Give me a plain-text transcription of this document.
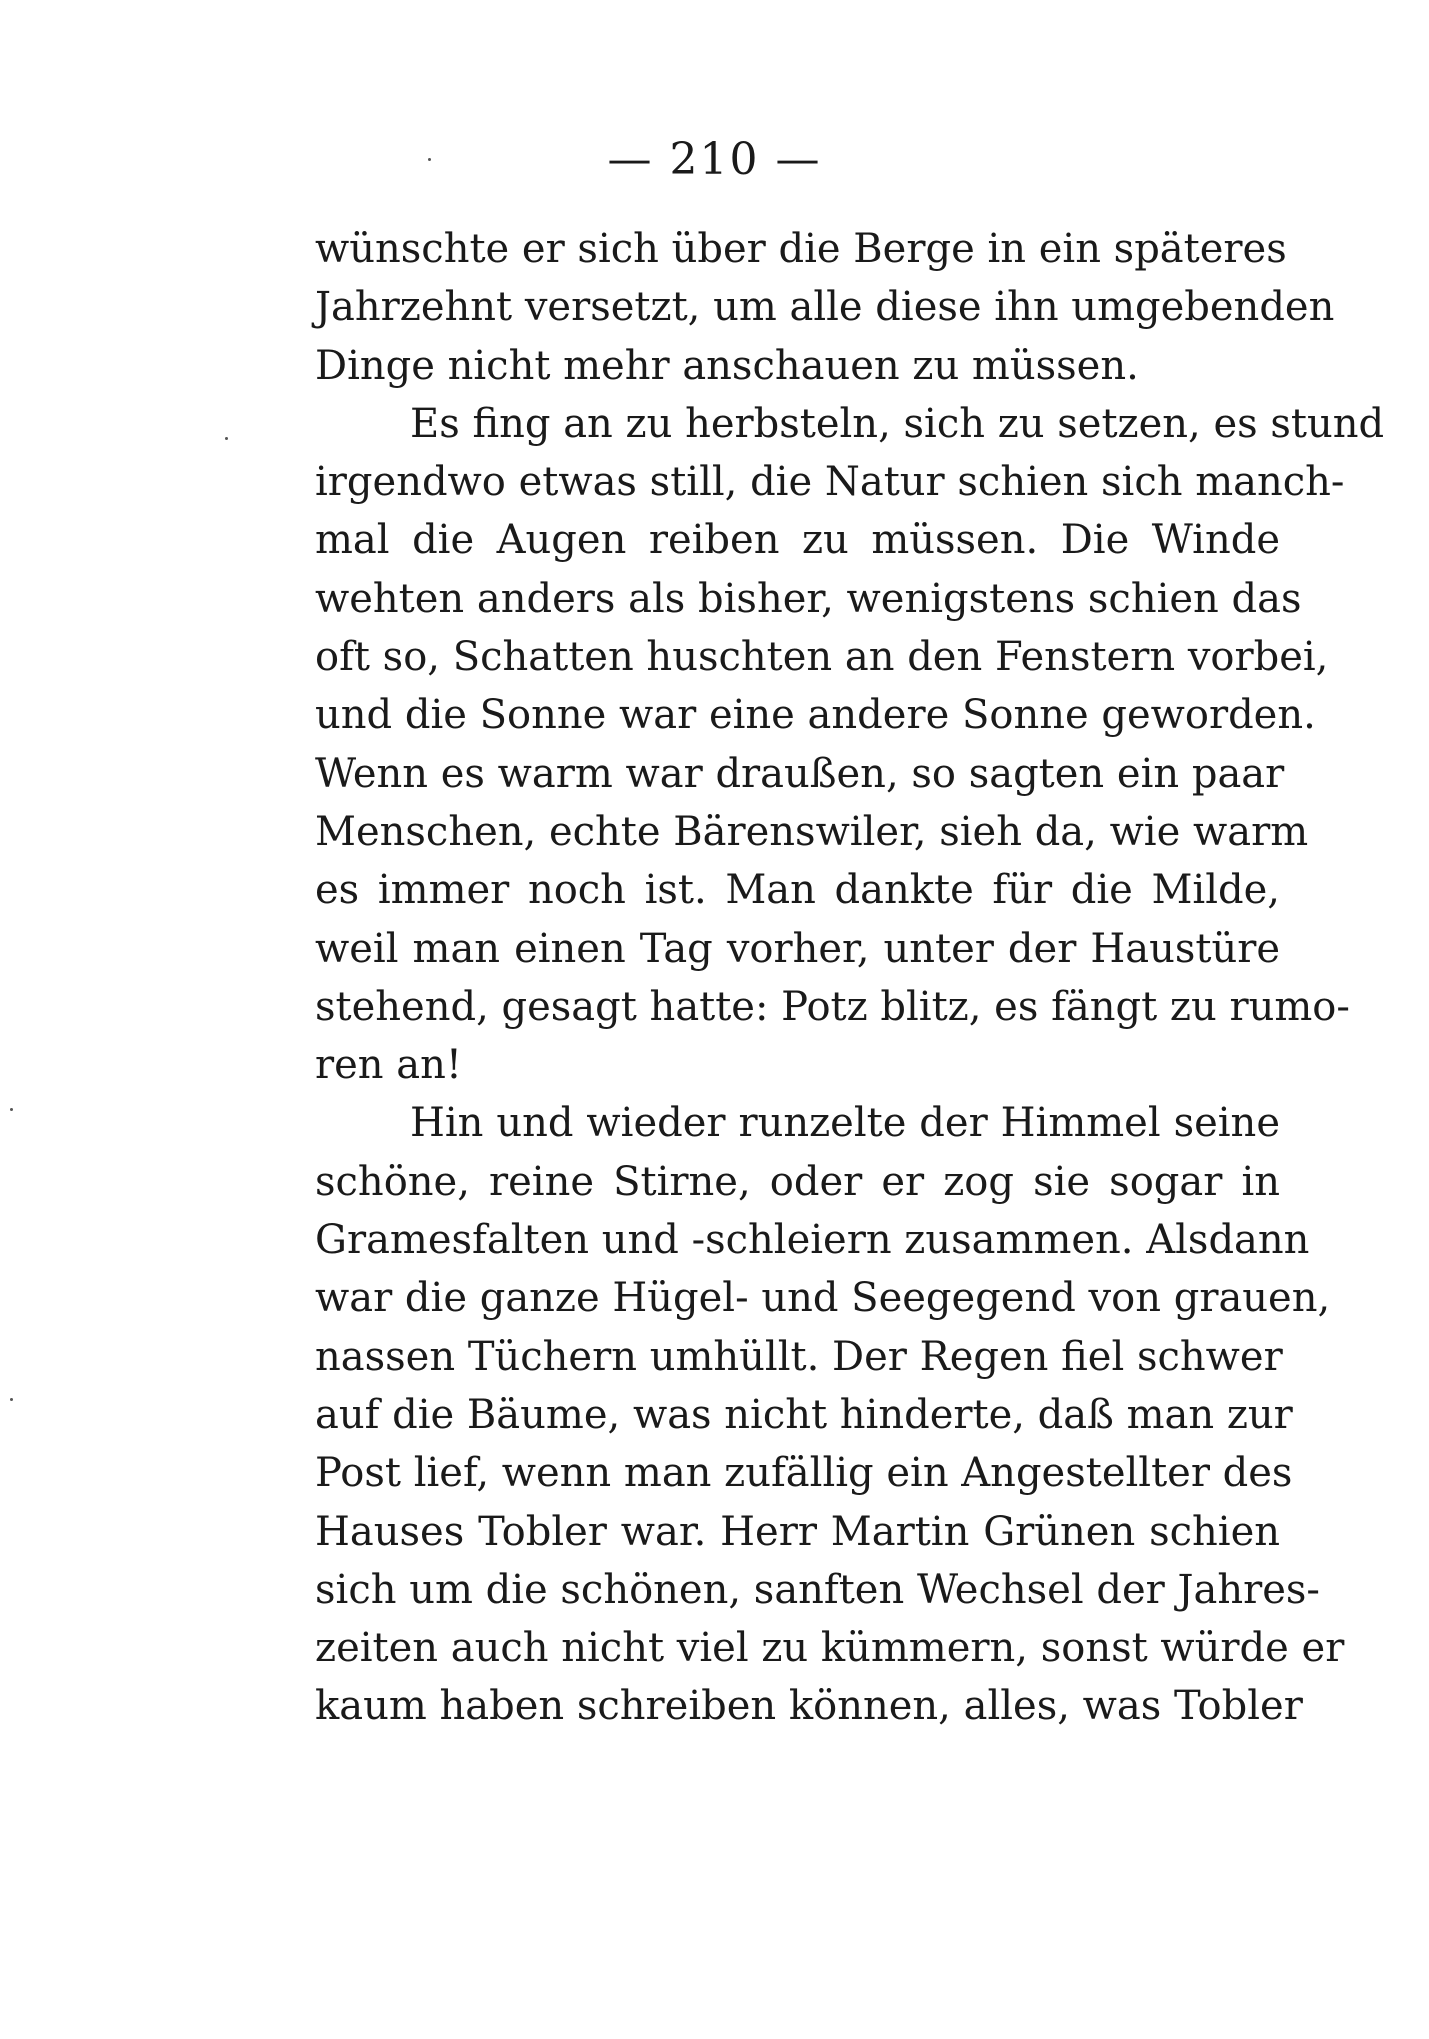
— 210 —
wünschte er sich über die Berge in ein späteres
Jahrzehnt versetzt, um alle diese ihn umgebenden
Dinge nicht mehr anschauen zu müssen.
Es fing an zu herbsteln, sich zu setzen, es stund
irgendwo etwas still, die Natur schien sich manch-
mal die Augen reiben zu müssen. Die Winde
wehten anders als bisher, wenigstens schien das
oft so, Schatten huschten an den Fenstern vorbei,
und die Sonne war eine andere Sonne geworden.
Wenn es warm war draußen, so sagten ein paar
Menschen, echte Bärenswiler, sieh da, wie warm
es immer noch ist. Man dankte für die Milde,
weil man einen Tag vorher, unter der Haustüre
stehend, gesagt hatte: Potz blitz, es fängt zu rumo-
ren an!
Hin und wieder runzelte der Himmel seine
schöne, reine Stirne, oder er zog sie sogar in
Gramesfalten und -schleiern zusammen. Alsdann
war die ganze Hügel- und Seegegend von grauen,
nassen Tüchern umhüllt. Der Regen fiel schwer
auf die Bäume, was nicht hinderte, daß man zur
Post lief, wenn man zufällig ein Angestellter des
Hauses Tobler war. Herr Martin Grünen schien
sich um die schönen, sanften Wechsel der Jahres-
zeiten auch nicht viel zu kümmern, sonst würde er
kaum haben schreiben können, alles, was Tobler
